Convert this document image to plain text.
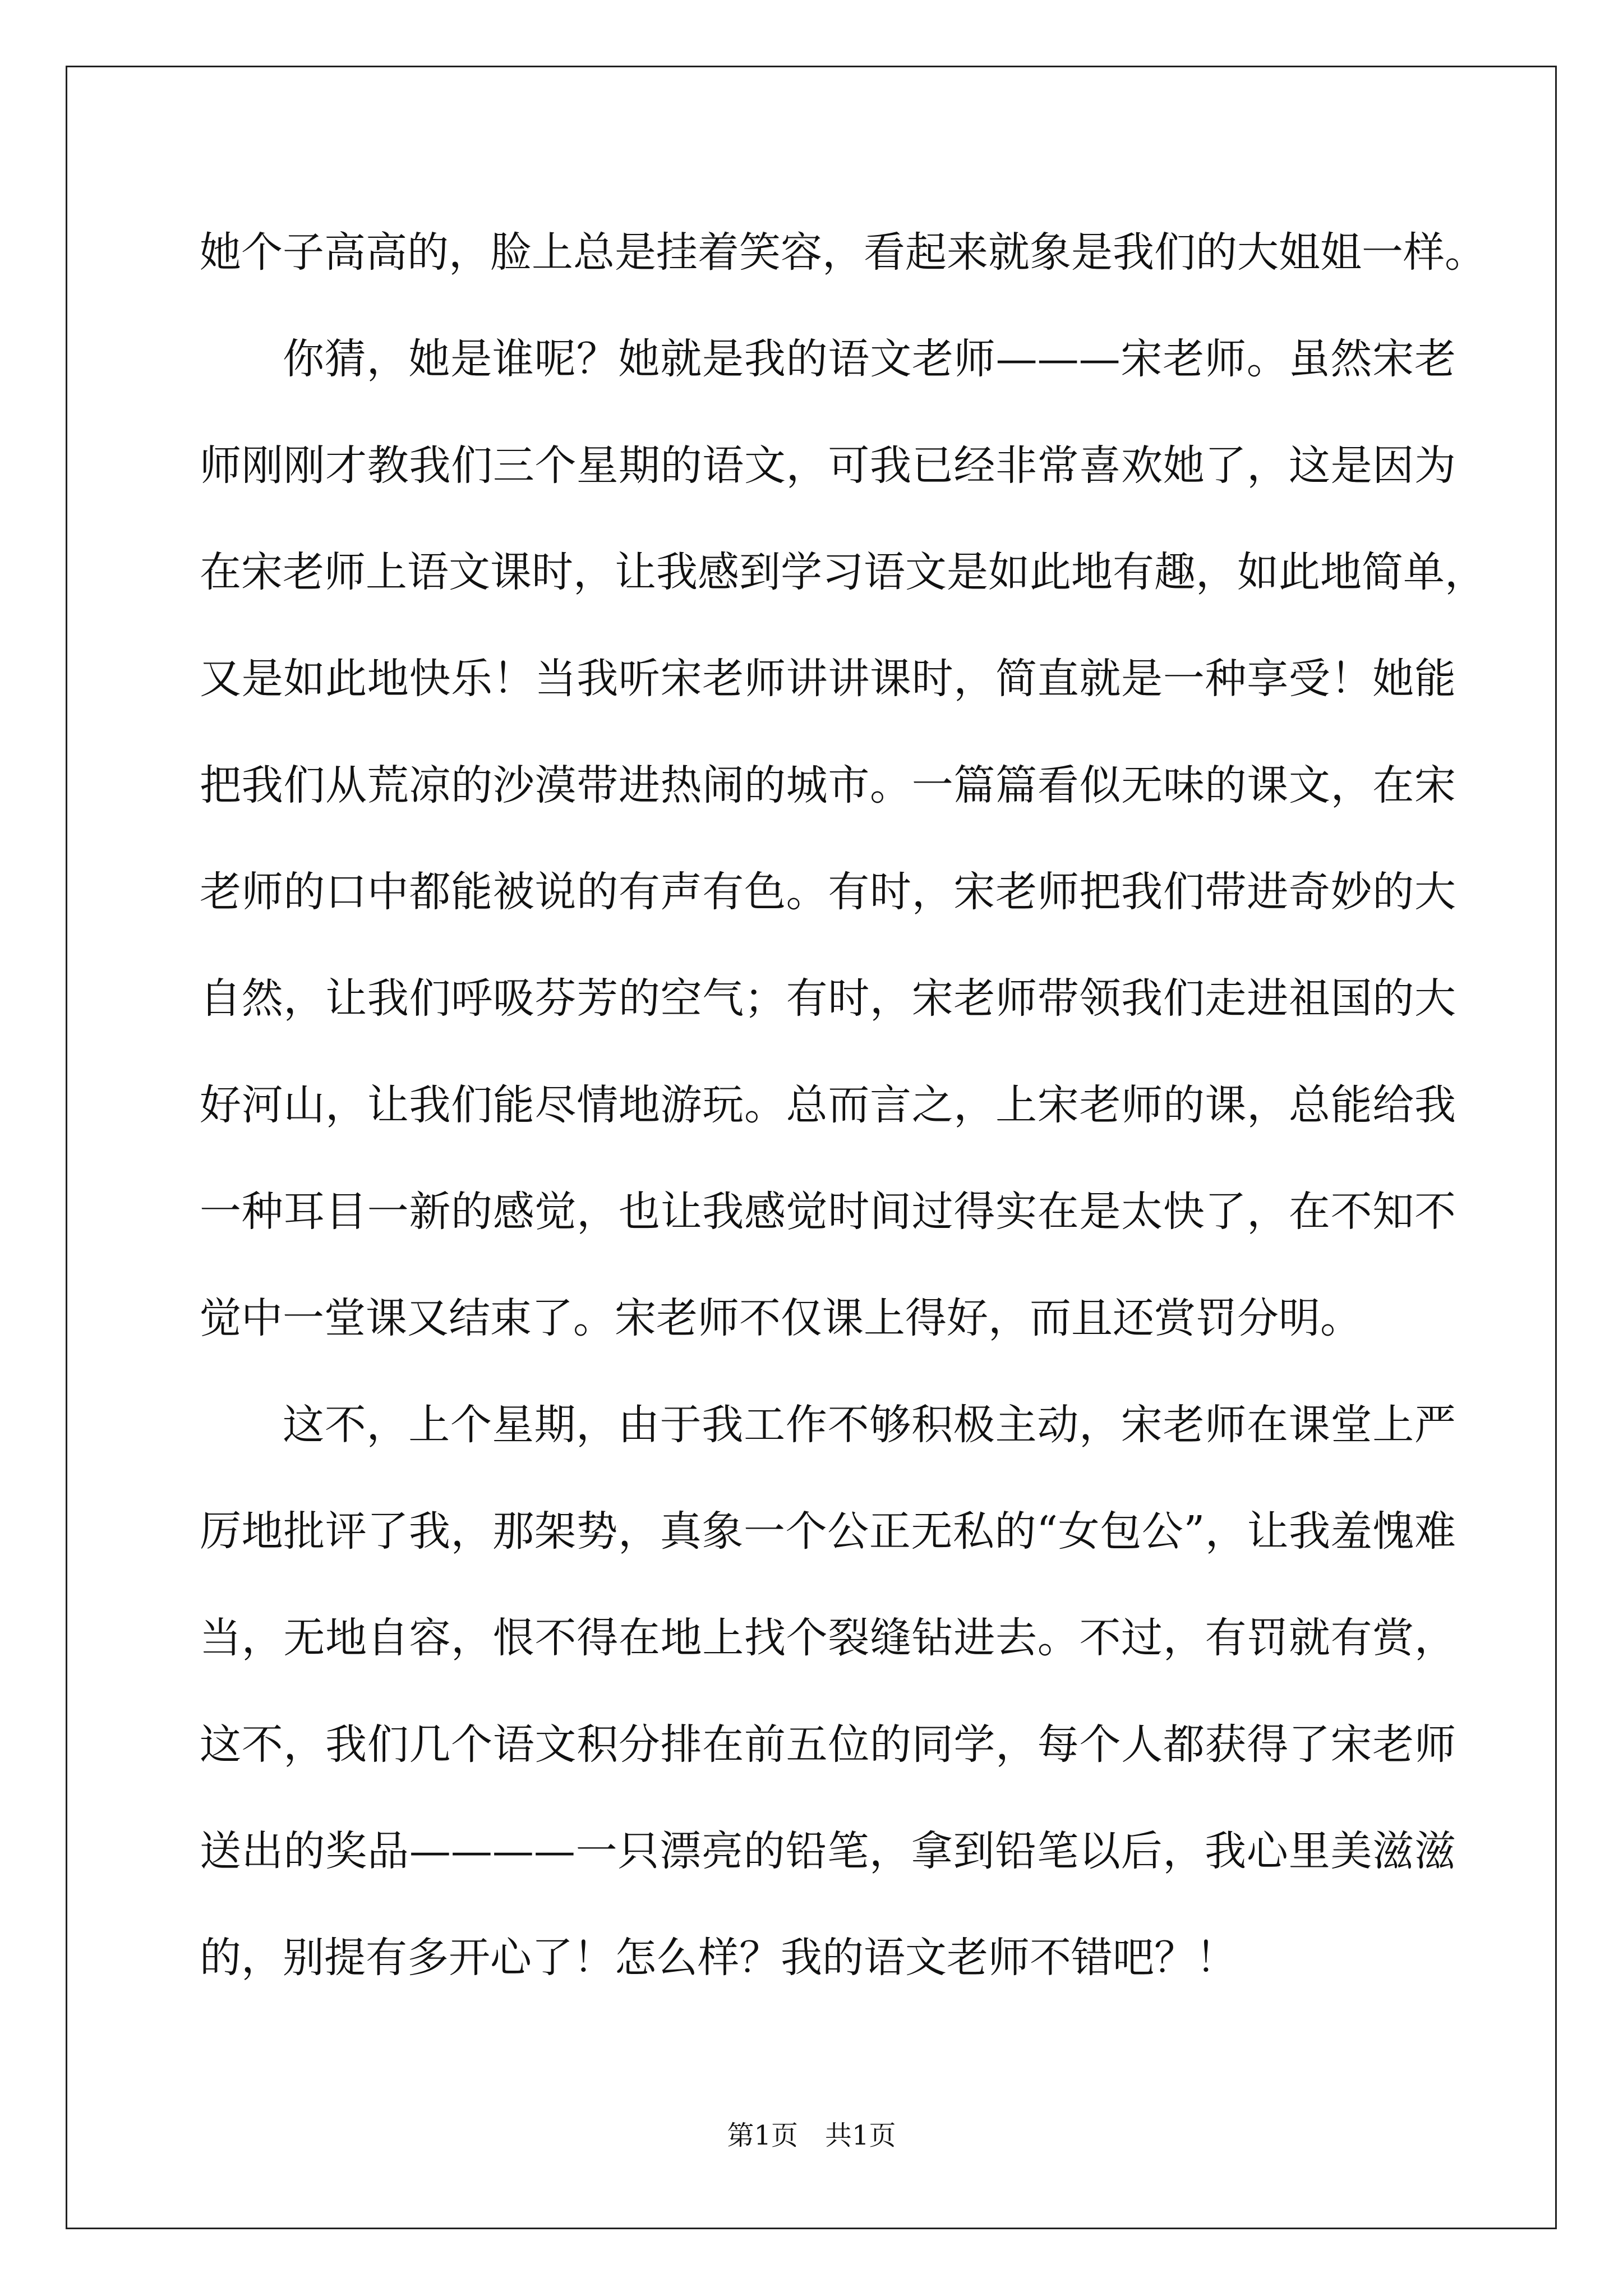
她个子高高的，脸上总是挂着笑容，看起来就象是我们的大姐姐一样。
你猜，她是谁呢？她就是我的语文老师———宋老师。虽然宋老
师刚刚才教我们三个星期的语文，可我已经非常喜欢她了，这是因为
在宋老师上语文课时，让我感到学习语文是如此地有趣，如此地简单，
又是如此地快乐！当我听宋老师讲讲课时，简直就是一种享受！她能
把我们从荒凉的沙漠带进热闹的城市。一篇篇看似无味的课文，在宋
老师的口中都能被说的有声有色。有时，宋老师把我们带进奇妙的大
自然，让我们呼吸芬芳的空气；有时，宋老师带领我们走进祖国的大
好河山，让我们能尽情地游玩。总而言之，上宋老师的课，总能给我
一种耳目一新的感觉，也让我感觉时间过得实在是太快了，在不知不
觉中一堂课又结束了。宋老师不仅课上得好，而且还赏罚分明。
这不，上个星期，由于我工作不够积极主动，宋老师在课堂上严
厉地批评了我，那架势，真象一个公正无私的“女包公”，让我羞愧难
当，无地自容，恨不得在地上找个裂缝钻进去。不过，有罚就有赏，
这不，我们几个语文积分排在前五位的同学，每个人都获得了宋老师
送出的奖品————一只漂亮的铅笔，拿到铅笔以后，我心里美滋滋
的，别提有多开心了！怎么样？我的语文老师不错吧？！
第1页　共1页
